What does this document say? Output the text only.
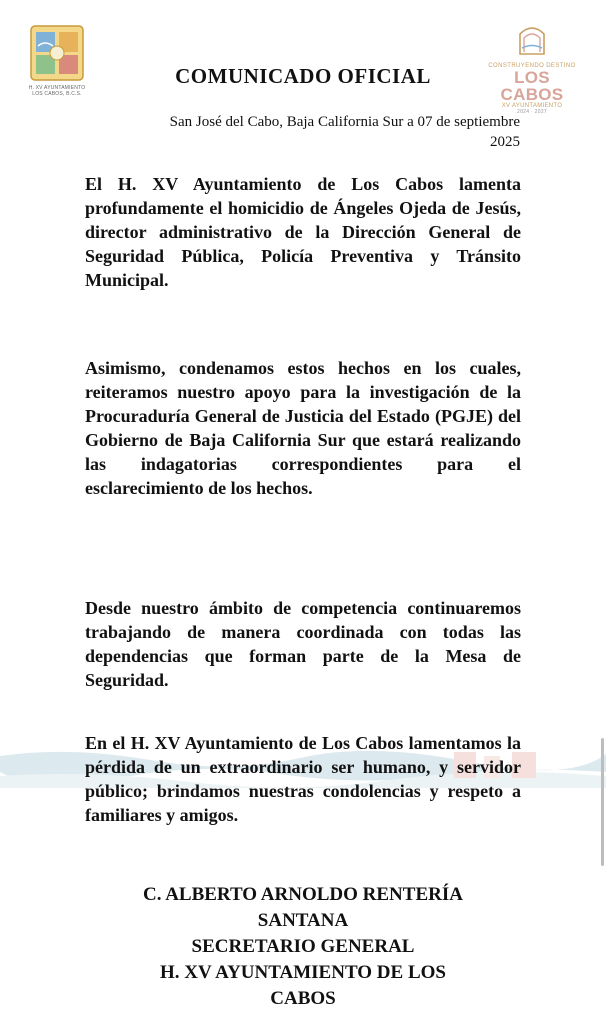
H. XV AYUNTAMIENTO LOS CABOS, B.C.S.
CONSTRUYENDO DESTINO
LOS CABOS
XV AYUNTAMIENTO
2024 · 2027
COMUNICADO OFICIAL
San José del Cabo, Baja California Sur a 07 de septiembre
2025

El H. XV Ayuntamiento de Los Cabos lamenta profundamente el homicidio de Ángeles Ojeda de Jesús, director administrativo de la Dirección General de Seguridad Pública, Policía Preventiva y Tránsito Municipal.

Asimismo, condenamos estos hechos en los cuales, reiteramos nuestro apoyo para la investigación de la Procuraduría General de Justicia del Estado (PGJE) del Gobierno de Baja California Sur que estará realizando las indagatorias correspondientes para el esclarecimiento de los hechos.

Desde nuestro ámbito de competencia continuaremos trabajando de manera coordinada con todas las dependencias que forman parte de la Mesa de Seguridad.

En el H. XV Ayuntamiento de Los Cabos lamentamos la pérdida de un extraordinario ser humano, y servidor público; brindamos nuestras condolencias y respeto a familiares y amigos.

C. ALBERTO ARNOLDO RENTERÍA
SANTANA
SECRETARIO GENERAL
H. XV AYUNTAMIENTO DE LOS
CABOS
